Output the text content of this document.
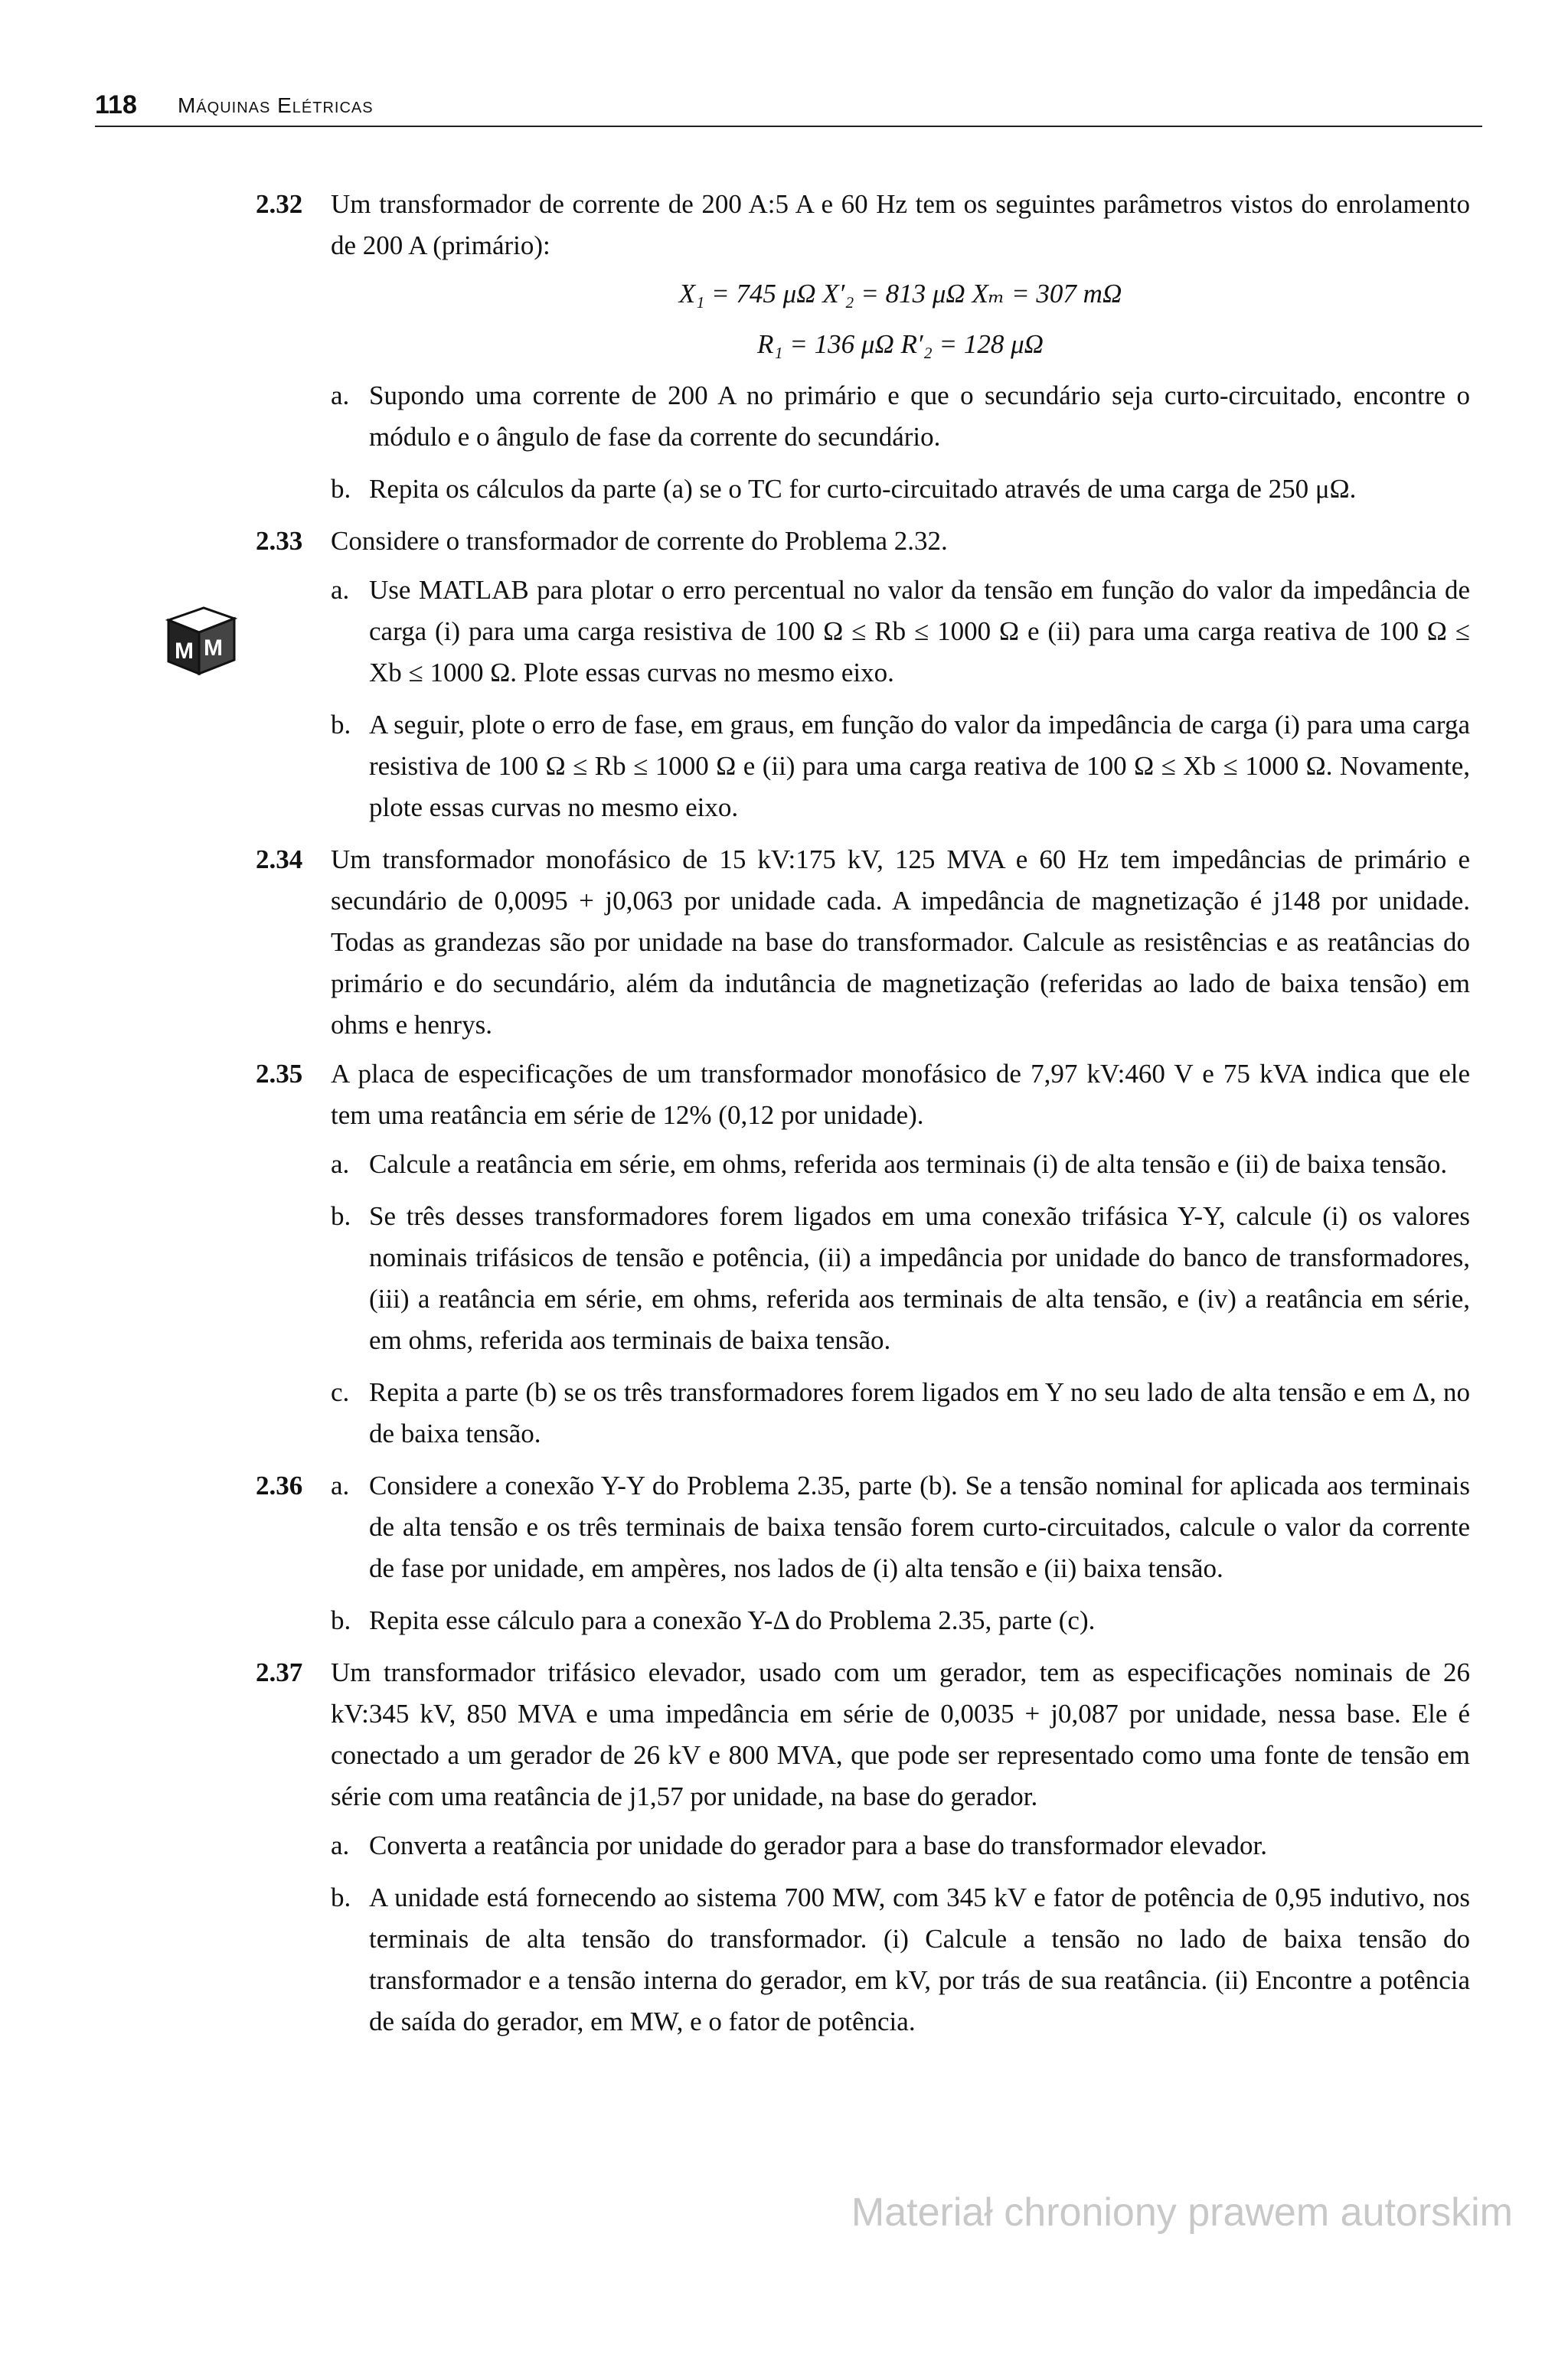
118 Máquinas Elétricas
M M
2.32 Um transformador de corrente de 200 A:5 A e 60 Hz tem os seguintes parâmetros vistos do enrolamento de 200 A (primário):
X₁ = 745 μΩ X′₂ = 813 μΩ Xₘ = 307 mΩ
R₁ = 136 μΩ R′₂ = 128 μΩ
a. Supondo uma corrente de 200 A no primário e que o secundário seja curto-circuitado, encontre o módulo e o ângulo de fase da corrente do secundário.
b. Repita os cálculos da parte (a) se o TC for curto-circuitado através de uma carga de 250 μΩ.
2.33 Considere o transformador de corrente do Problema 2.32.
a. Use MATLAB para plotar o erro percentual no valor da tensão em função do valor da impedância de carga (i) para uma carga resistiva de 100 Ω ≤ Rb ≤ 1000 Ω e (ii) para uma carga reativa de 100 Ω ≤ Xb ≤ 1000 Ω. Plote essas curvas no mesmo eixo.
b. A seguir, plote o erro de fase, em graus, em função do valor da impedância de carga (i) para uma carga resistiva de 100 Ω ≤ Rb ≤ 1000 Ω e (ii) para uma carga reativa de 100 Ω ≤ Xb ≤ 1000 Ω. Novamente, plote essas curvas no mesmo eixo.
2.34 Um transformador monofásico de 15 kV:175 kV, 125 MVA e 60 Hz tem impedâncias de primário e secundário de 0,0095 + j0,063 por unidade cada. A impedância de magnetização é j148 por unidade. Todas as grandezas são por unidade na base do transformador. Calcule as resistências e as reatâncias do primário e do secundário, além da indutância de magnetização (referidas ao lado de baixa tensão) em ohms e henrys.
2.35 A placa de especificações de um transformador monofásico de 7,97 kV:460 V e 75 kVA indica que ele tem uma reatância em série de 12% (0,12 por unidade).
a. Calcule a reatância em série, em ohms, referida aos terminais (i) de alta tensão e (ii) de baixa tensão.
b. Se três desses transformadores forem ligados em uma conexão trifásica Y-Y, calcule (i) os valores nominais trifásicos de tensão e potência, (ii) a impedância por unidade do banco de transformadores, (iii) a reatância em série, em ohms, referida aos terminais de alta tensão, e (iv) a reatância em série, em ohms, referida aos terminais de baixa tensão.
c. Repita a parte (b) se os três transformadores forem ligados em Y no seu lado de alta tensão e em Δ, no de baixa tensão.
2.36 a. Considere a conexão Y-Y do Problema 2.35, parte (b). Se a tensão nominal for aplicada aos terminais de alta tensão e os três terminais de baixa tensão forem curto-circuitados, calcule o valor da corrente de fase por unidade, em ampères, nos lados de (i) alta tensão e (ii) baixa tensão.
b. Repita esse cálculo para a conexão Y-Δ do Problema 2.35, parte (c).
2.37 Um transformador trifásico elevador, usado com um gerador, tem as especificações nominais de 26 kV:345 kV, 850 MVA e uma impedância em série de 0,0035 + j0,087 por unidade, nessa base. Ele é conectado a um gerador de 26 kV e 800 MVA, que pode ser representado como uma fonte de tensão em série com uma reatância de j1,57 por unidade, na base do gerador.
a. Converta a reatância por unidade do gerador para a base do transformador elevador.
b. A unidade está fornecendo ao sistema 700 MW, com 345 kV e fator de potência de 0,95 indutivo, nos terminais de alta tensão do transformador. (i) Calcule a tensão no lado de baixa tensão do transformador e a tensão interna do gerador, em kV, por trás de sua reatância. (ii) Encontre a potência de saída do gerador, em MW, e o fator de potência.
Materiał chroniony prawem autorskim
